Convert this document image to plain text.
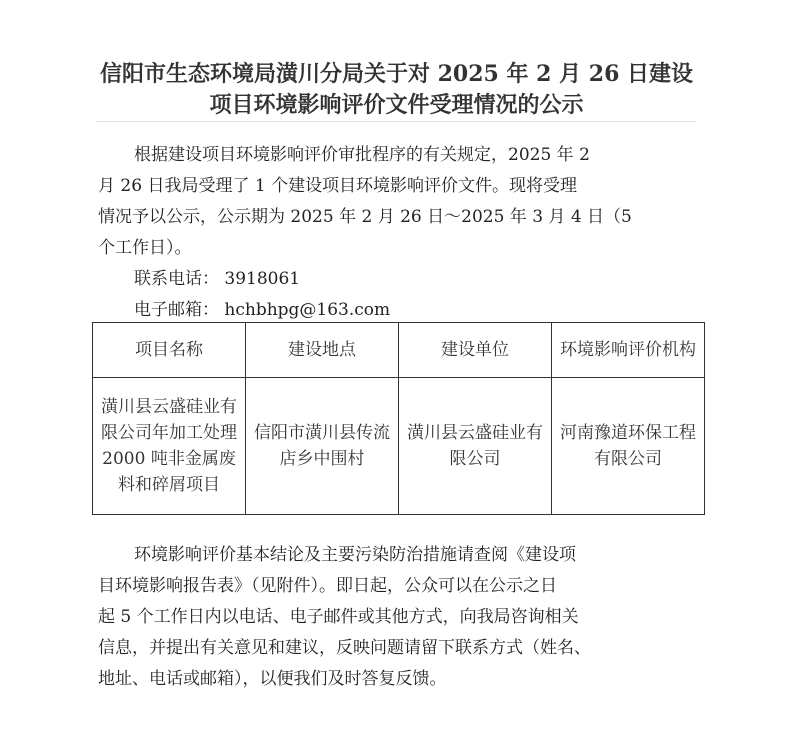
信阳市生态环境局潢川分局关于对 2025 年 2 月 26 日建设
项目环境影响评价文件受理情况的公示

根据建设项目环境影响评价审批程序的有关规定，2025 年 2
月 26 日我局受理了 1 个建设项目环境影响评价文件。现将受理
情况予以公示，公示期为 2025 年 2 月 26 日～2025 年 3 月 4 日（5
个工作日）。

联系电话： 3918061
电子邮箱： hchbhpg@163.com
项目名称	建设地点	建设单位	环境影响评价机构
潢川县云盛硅业有限公司年加工处理 2000 吨非金属废料和碎屑项目	信阳市潢川县传流店乡中围村	潢川县云盛硅业有限公司	河南豫道环保工程有限公司

环境影响评价基本结论及主要污染防治措施请查阅《建设项
目环境影响报告表》（见附件）。即日起，公众可以在公示之日
起 5 个工作日内以电话、电子邮件或其他方式，向我局咨询相关
信息，并提出有关意见和建议，反映问题请留下联系方式（姓名、
地址、电话或邮箱），以便我们及时答复反馈。
